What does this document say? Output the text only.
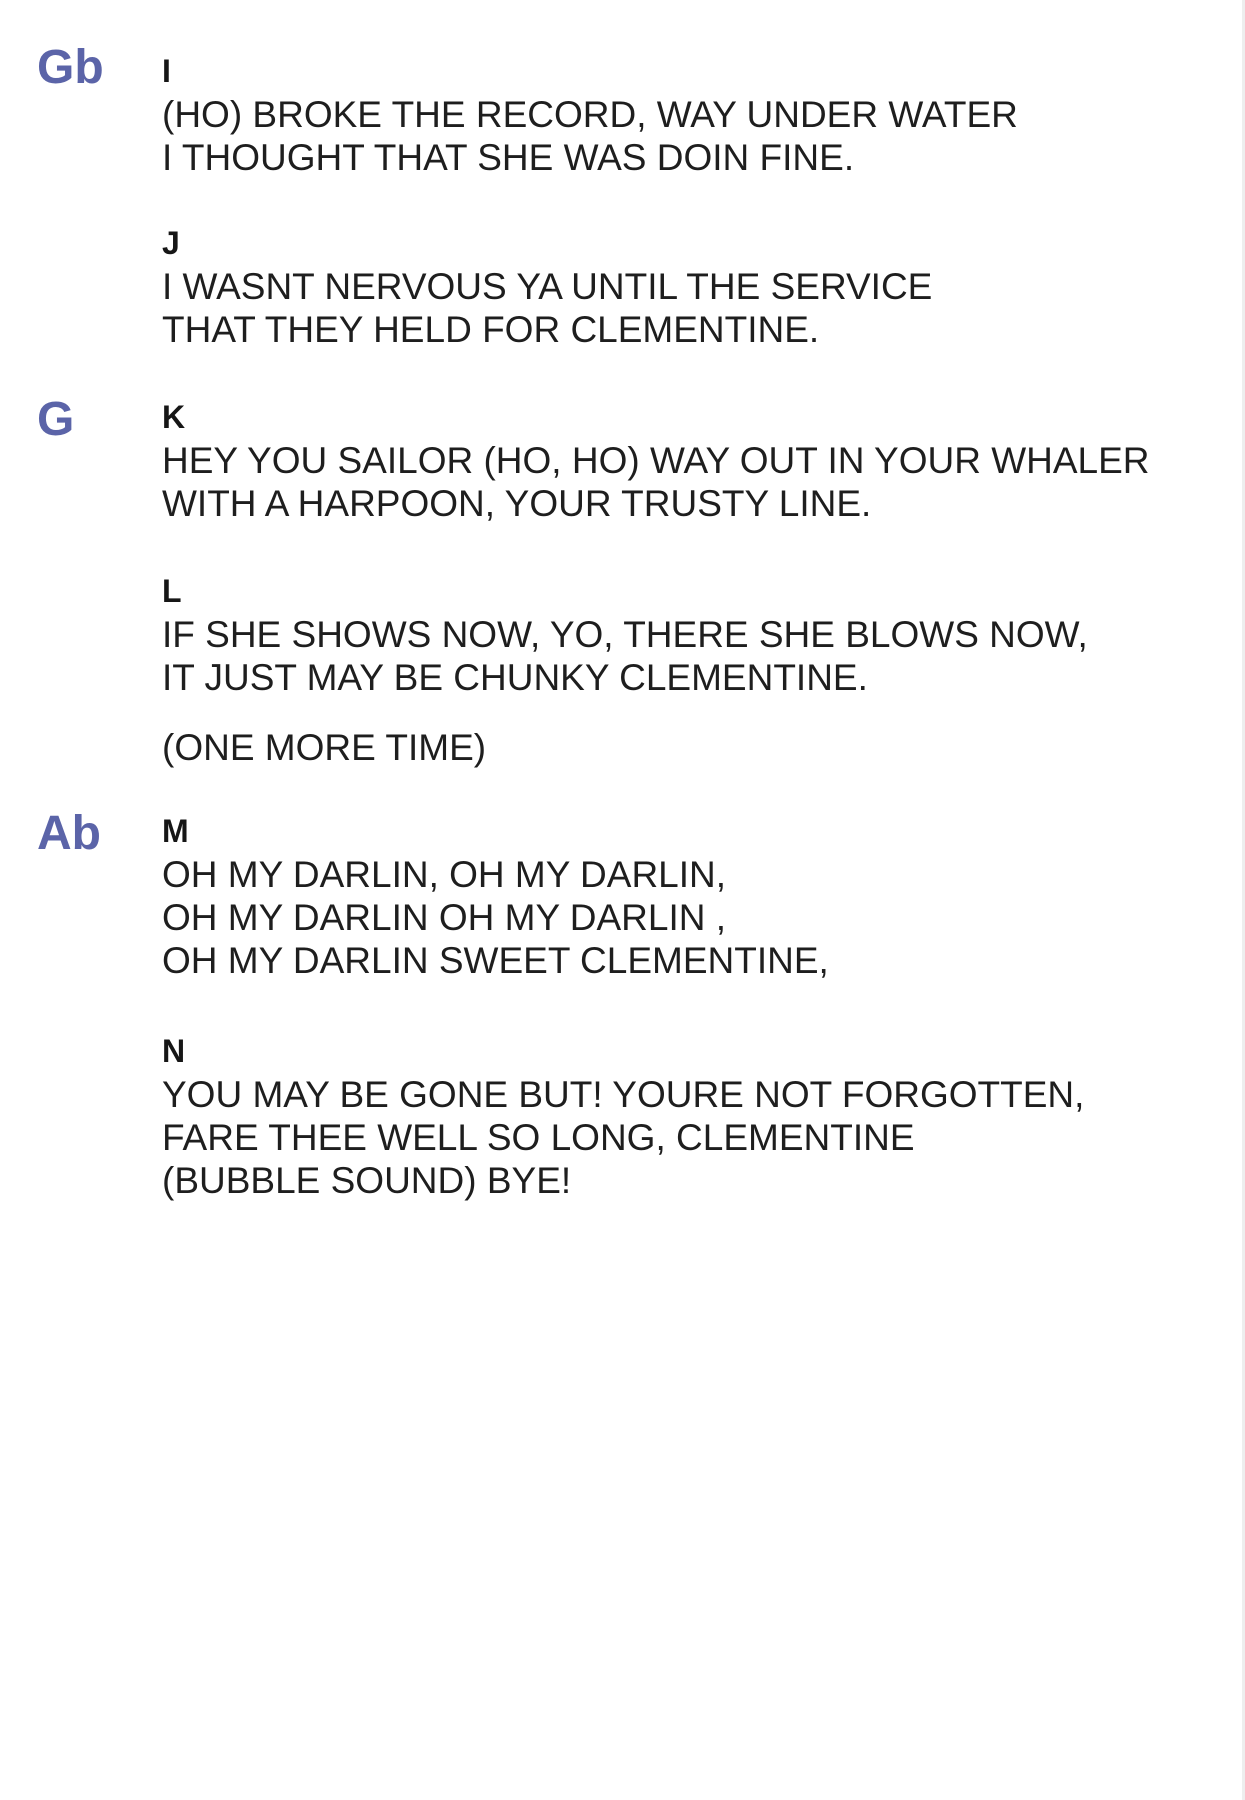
Gb
G
Ab
I
(HO) BROKE THE RECORD, WAY UNDER WATER
I THOUGHT THAT SHE WAS DOIN FINE.
J
I WASNT NERVOUS YA UNTIL THE SERVICE
THAT THEY HELD FOR CLEMENTINE.
K
HEY YOU SAILOR (HO, HO) WAY OUT IN YOUR WHALER
WITH A HARPOON, YOUR TRUSTY LINE.
L
IF SHE SHOWS NOW, YO, THERE SHE BLOWS NOW,
IT JUST MAY BE CHUNKY CLEMENTINE.
(ONE MORE TIME)
M
OH MY DARLIN, OH MY DARLIN,
OH MY DARLIN OH MY DARLIN ,
OH MY DARLIN SWEET CLEMENTINE,
N
YOU MAY BE GONE BUT! YOURE NOT FORGOTTEN,
FARE THEE WELL SO LONG, CLEMENTINE
(BUBBLE SOUND) BYE!
